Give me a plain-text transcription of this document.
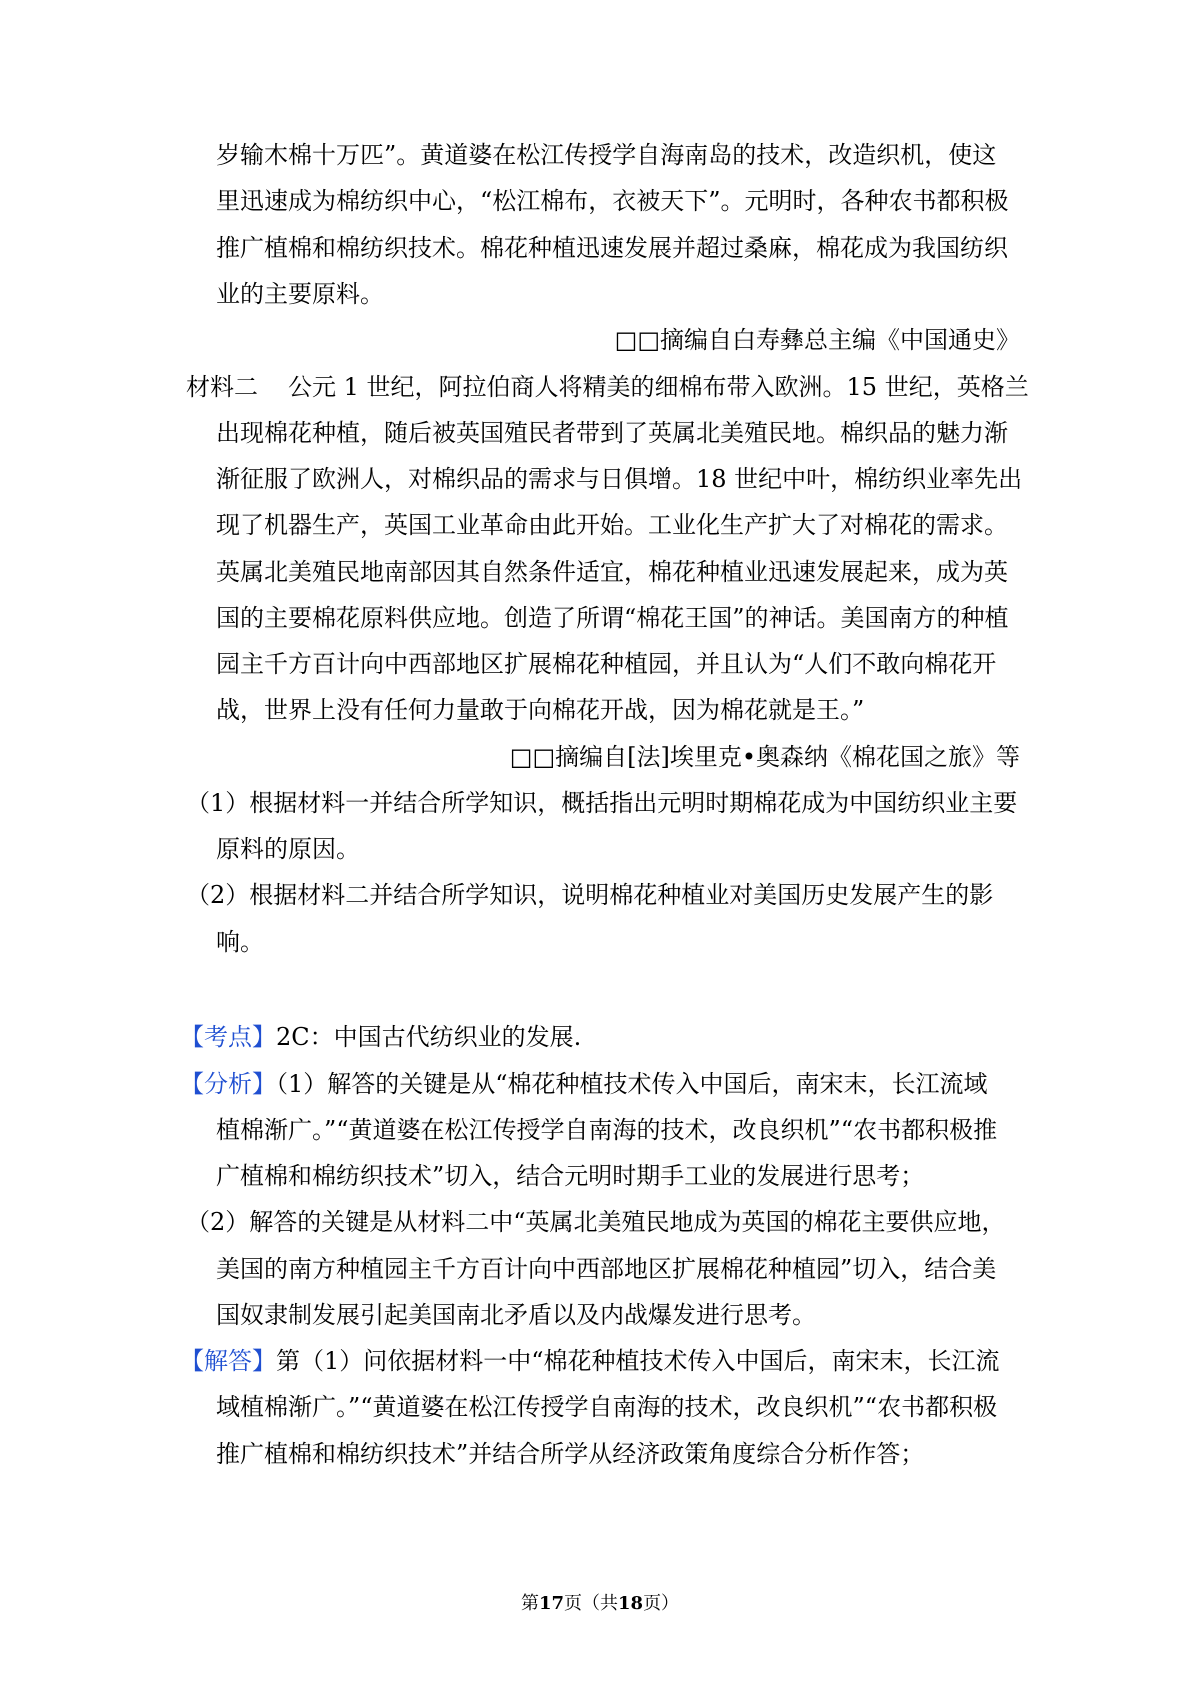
岁输木棉十万匹”。黄道婆在松江传授学自海南岛的技术，改造织机，使这
里迅速成为棉纺织中心，“松江棉布，衣被天下”。元明时，各种农书都积极
推广植棉和棉纺织技术。棉花种植迅速发展并超过桑麻，棉花成为我国纺织
业的主要原料。
□□摘编自白寿彝总主编《中国通史》
材料二 公元 1 世纪，阿拉伯商人将精美的细棉布带入欧洲。15 世纪，英格兰
出现棉花种植，随后被英国殖民者带到了英属北美殖民地。棉织品的魅力渐
渐征服了欧洲人，对棉织品的需求与日俱增。18 世纪中叶，棉纺织业率先出
现了机器生产，英国工业革命由此开始。工业化生产扩大了对棉花的需求。
英属北美殖民地南部因其自然条件适宜，棉花种植业迅速发展起来，成为英
国的主要棉花原料供应地。创造了所谓“棉花王国”的神话。美国南方的种植
园主千方百计向中西部地区扩展棉花种植园，并且认为“人们不敢向棉花开
战，世界上没有任何力量敢于向棉花开战，因为棉花就是王。”
□□摘编自[法]埃里克•奥森纳《棉花国之旅》等
（1）根据材料一并结合所学知识，概括指出元明时期棉花成为中国纺织业主要
原料的原因。
（2）根据材料二并结合所学知识，说明棉花种植业对美国历史发展产生的影
响。
【考点】2C：中国古代纺织业的发展.
【分析】（1）解答的关键是从“棉花种植技术传入中国后，南宋末，长江流域
植棉渐广。”“黄道婆在松江传授学自南海的技术，改良织机”“农书都积极推
广植棉和棉纺织技术”切入，结合元明时期手工业的发展进行思考；
（2）解答的关键是从材料二中“英属北美殖民地成为英国的棉花主要供应地，
美国的南方种植园主千方百计向中西部地区扩展棉花种植园”切入，结合美
国奴隶制发展引起美国南北矛盾以及内战爆发进行思考。
【解答】第（1）问依据材料一中“棉花种植技术传入中国后，南宋末，长江流
域植棉渐广。”“黄道婆在松江传授学自南海的技术，改良织机”“农书都积极
推广植棉和棉纺织技术”并结合所学从经济政策角度综合分析作答；
第17页（共18页）
